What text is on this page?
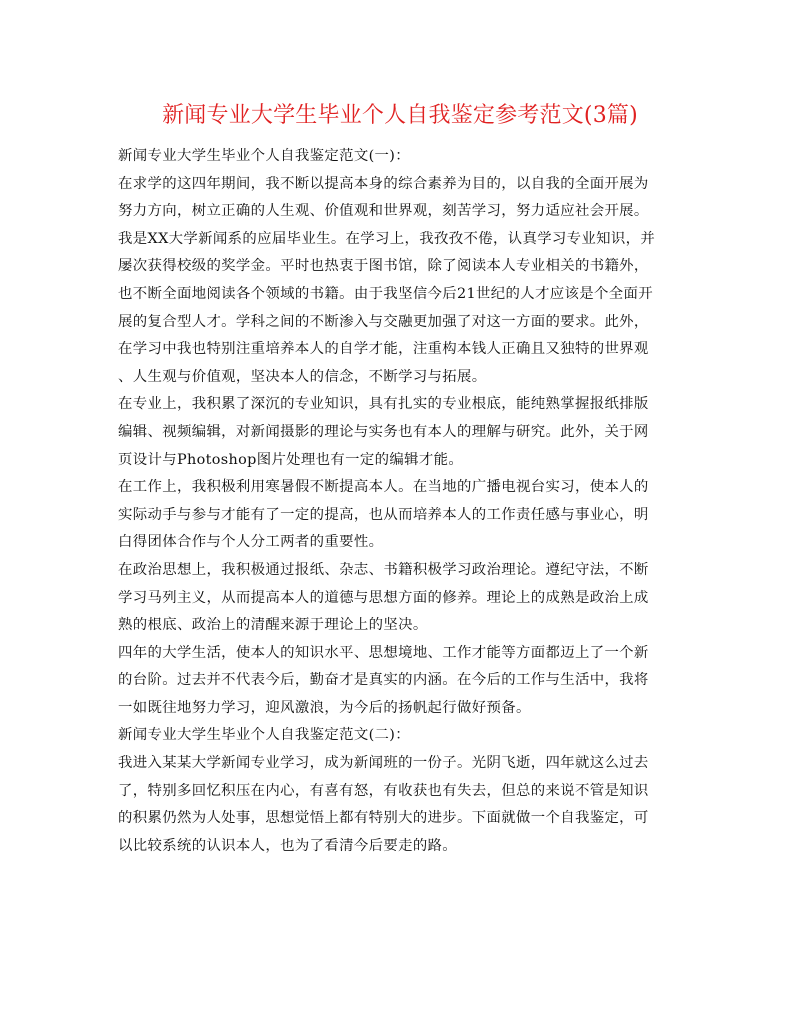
新闻专业大学生毕业个人自我鉴定参考范文(3篇)
新闻专业大学生毕业个人自我鉴定范文(一)：
在求学的这四年期间，我不断以提高本身的综合素养为目的，以自我的全面开展为
努力方向，树立正确的人生观、价值观和世界观，刻苦学习，努力适应社会开展。
我是XX大学新闻系的应届毕业生。在学习上，我孜孜不倦，认真学习专业知识，并
屡次获得校级的奖学金。平时也热衷于图书馆，除了阅读本人专业相关的书籍外，
也不断全面地阅读各个领域的书籍。由于我坚信今后21世纪的人才应该是个全面开
展的复合型人才。学科之间的不断渗入与交融更加强了对这一方面的要求。此外，
在学习中我也特别注重培养本人的自学才能，注重构本钱人正确且又独特的世界观
、人生观与价值观，坚决本人的信念，不断学习与拓展。
在专业上，我积累了深沉的专业知识，具有扎实的专业根底，能纯熟掌握报纸排版
编辑、视频编辑，对新闻摄影的理论与实务也有本人的理解与研究。此外，关于网
页设计与Photoshop图片处理也有一定的编辑才能。
在工作上，我积极利用寒暑假不断提高本人。在当地的广播电视台实习，使本人的
实际动手与参与才能有了一定的提高，也从而培养本人的工作责任感与事业心，明
白得团体合作与个人分工两者的重要性。
在政治思想上，我积极通过报纸、杂志、书籍积极学习政治理论。遵纪守法，不断
学习马列主义，从而提高本人的道德与思想方面的修养。理论上的成熟是政治上成
熟的根底、政治上的清醒来源于理论上的坚决。
四年的大学生活，使本人的知识水平、思想境地、工作才能等方面都迈上了一个新
的台阶。过去并不代表今后，勤奋才是真实的内涵。在今后的工作与生活中，我将
一如既往地努力学习，迎风激浪，为今后的扬帆起行做好预备。
新闻专业大学生毕业个人自我鉴定范文(二)：
我进入某某大学新闻专业学习，成为新闻班的一份子。光阴飞逝，四年就这么过去
了，特别多回忆积压在内心，有喜有怒，有收获也有失去，但总的来说不管是知识
的积累仍然为人处事，思想觉悟上都有特别大的进步。下面就做一个自我鉴定，可
以比较系统的认识本人，也为了看清今后要走的路。
